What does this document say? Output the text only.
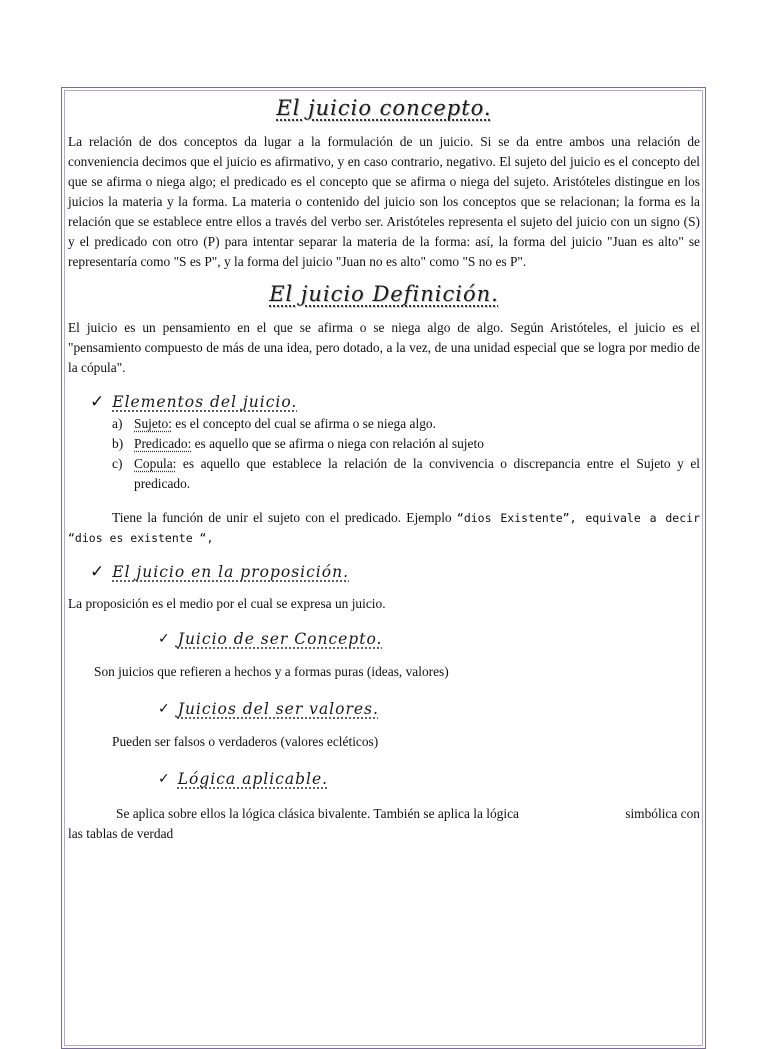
El juicio concepto.

La relación de dos conceptos da lugar a la formulación de un juicio. Si se da entre ambos una relación de conveniencia decimos que el juicio es afirmativo, y en caso contrario, negativo. El sujeto del juicio es el concepto del que se afirma o niega algo; el predicado es el concepto que se afirma o niega del sujeto. Aristóteles distingue en los juicios la materia y la forma. La materia o contenido del juicio son los conceptos que se relacionan; la forma es la relación que se establece entre ellos a través del verbo ser. Aristóteles representa el sujeto del juicio con un signo (S) y el predicado con otro (P) para intentar separar la materia de la forma: así, la forma del juicio "Juan es alto" se representaría como "S es P", y la forma del juicio "Juan no es alto" como "S no es P".

El juicio Definición.

El juicio es un pensamiento en el que se afirma o se niega algo de algo. Según Aristóteles, el juicio es el "pensamiento compuesto de más de una idea, pero dotado, a la vez, de una unidad especial que se logra por medio de la cópula".

✓ Elementos del juicio.
a) Sujeto: es el concepto del cual se afirma o se niega algo.
b) Predicado: es aquello que se afirma o niega con relación al sujeto
c) Copula: es aquello que establece la relación de la convivencia o discrepancia entre el Sujeto y el predicado.

Tiene la función de unir el sujeto con el predicado. Ejemplo “dios Existente”, equivale a decir “dios es existente “,

✓ El juicio en la proposición.

La proposición es el medio por el cual se expresa un juicio.

✓ Juicio de ser Concepto.

Son juicios que refieren a hechos y a formas puras (ideas, valores)

✓ Juicios del ser valores.

Pueden ser falsos o verdaderos (valores ecléticos)

✓ Lógica aplicable.
Se aplica sobre ellos la lógica clásica bivalente. También se aplica la lógica	simbólica con
las tablas de verdad
